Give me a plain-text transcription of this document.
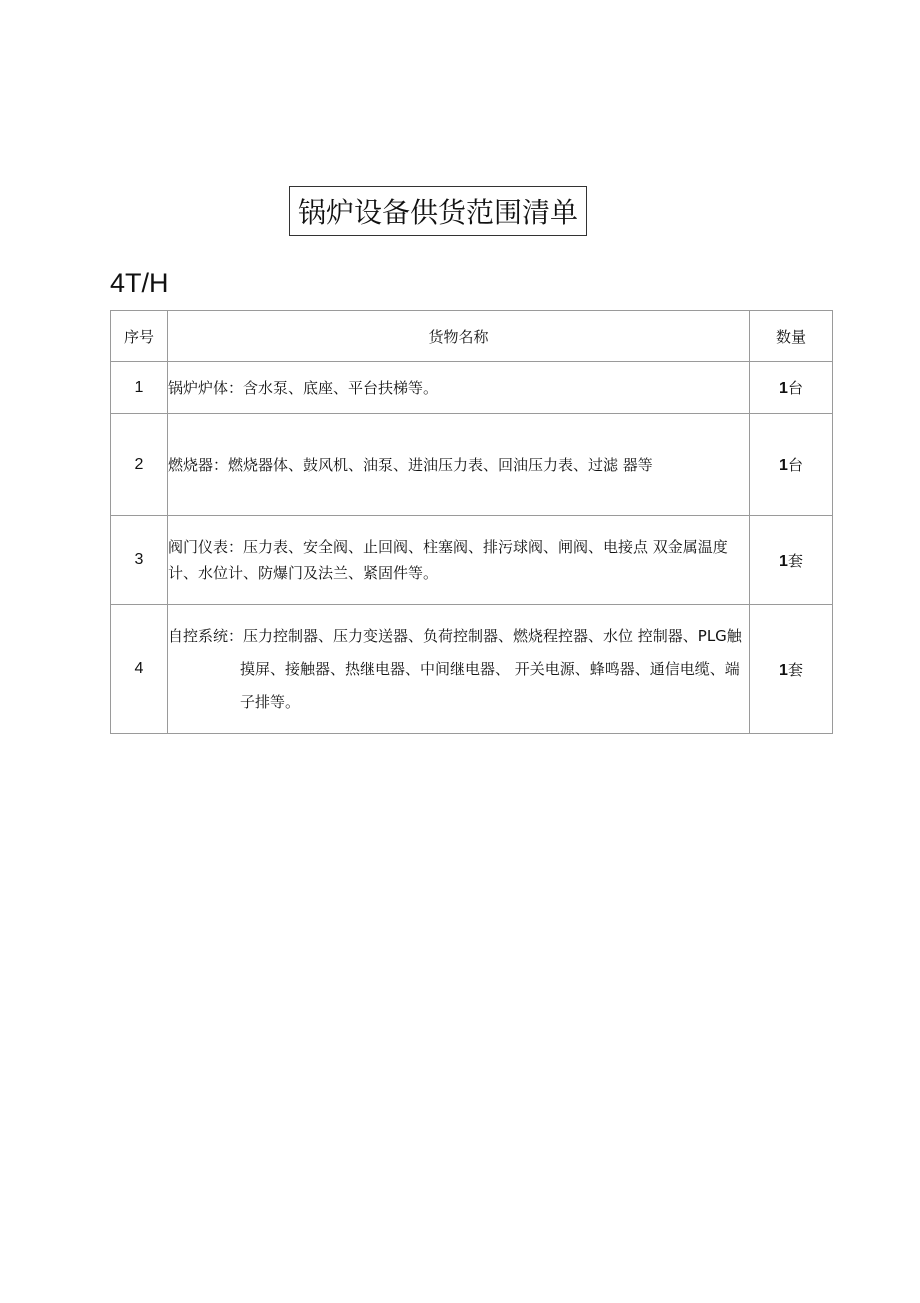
锅炉设备供货范围清单
4T/H
序号	货物名称	数量
1	锅炉炉体：含水泵、底座、平台扶梯等。	1台
2	燃烧器：燃烧器体、鼓风机、油泵、进油压力表、回油压力表、过滤 器等	1台
3	阀门仪表：压力表、安全阀、止回阀、柱塞阀、排污球阀、闸阀、电接点 双金属温度计、水位计、防爆门及法兰、紧固件等。	1套
4	自控系统：压力控制器、压力变送器、负荷控制器、燃烧程控器、水位 控制器、PLG触摸屏、接触器、热继电器、中间继电器、 开关电源、蜂鸣器、通信电缆、端子排等。	1套
